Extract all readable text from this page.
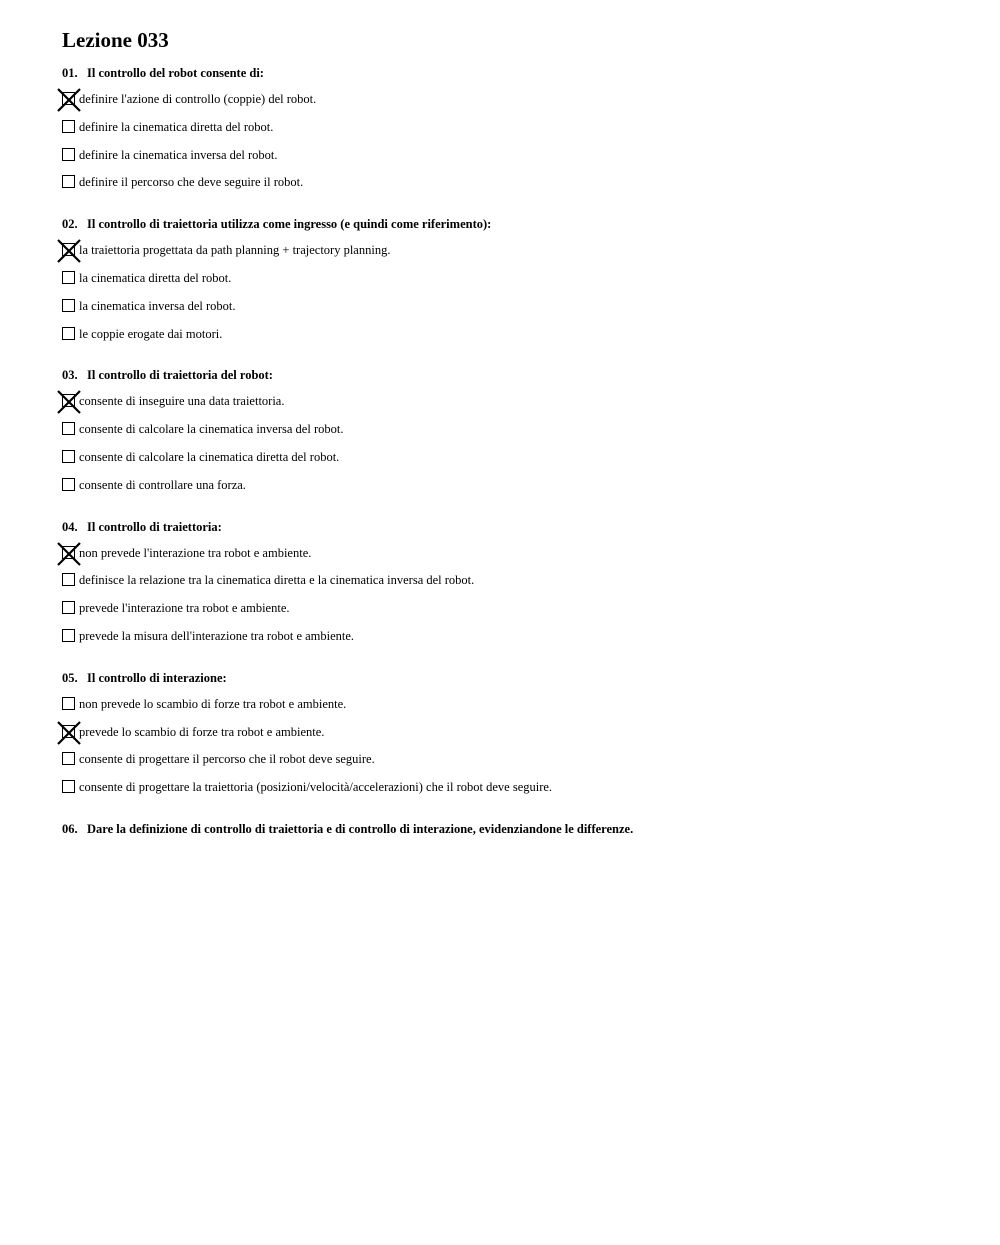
Lezione 033
01. Il controllo del robot consente di:
definire l'azione di controllo (coppie) del robot.
definire la cinematica diretta del robot.
definire la cinematica inversa del robot.
definire il percorso che deve seguire il robot.
02. Il controllo di traiettoria utilizza come ingresso (e quindi come riferimento):
la traiettoria progettata da path planning + trajectory planning.
la cinematica diretta del robot.
la cinematica inversa del robot.
le coppie erogate dai motori.
03. Il controllo di traiettoria del robot:
consente di inseguire una data traiettoria.
consente di calcolare la cinematica inversa del robot.
consente di calcolare la cinematica diretta del robot.
consente di controllare una forza.
04. Il controllo di traiettoria:
non prevede l'interazione tra robot e ambiente.
definisce la relazione tra la cinematica diretta e la cinematica inversa del robot.
prevede l'interazione tra robot e ambiente.
prevede la misura dell'interazione tra robot e ambiente.
05. Il controllo di interazione:
non prevede lo scambio di forze tra robot e ambiente.
prevede lo scambio di forze tra robot e ambiente.
consente di progettare il percorso che il robot deve seguire.
consente di progettare la traiettoria (posizioni/velocità/accelerazioni) che il robot deve seguire.
06. Dare la definizione di controllo di traiettoria e di controllo di interazione, evidenziandone le differenze.
